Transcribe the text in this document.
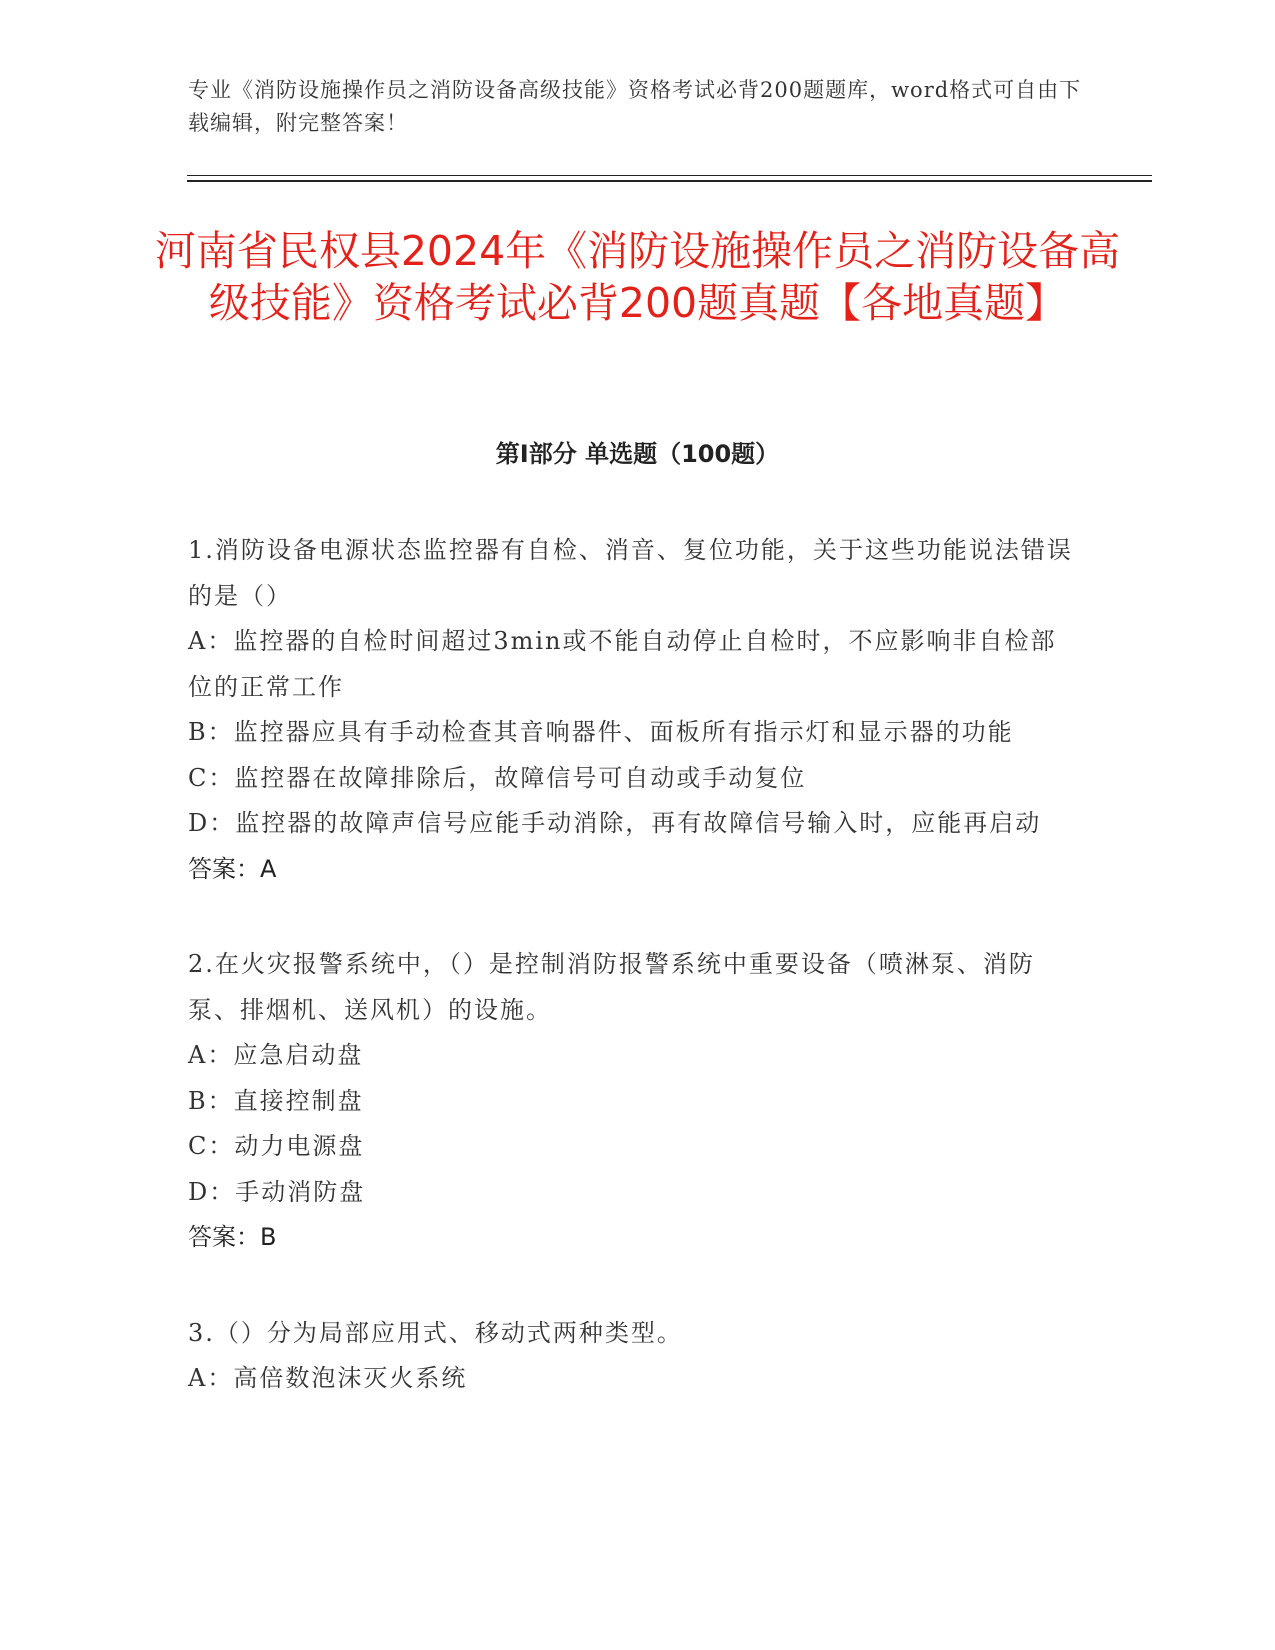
专业《消防设施操作员之消防设备高级技能》资格考试必背200题题库，word格式可自由下载编辑，附完整答案！
河南省民权县2024年《消防设施操作员之消防设备高级技能》资格考试必背200题真题【各地真题】
第I部分 单选题（100题）

1.消防设备电源状态监控器有自检、消音、复位功能，关于这些功能说法错误的是（）

A：监控器的自检时间超过3min或不能自动停止自检时，不应影响非自检部位的正常工作

B：监控器应具有手动检查其音响器件、面板所有指示灯和显示器的功能

C：监控器在故障排除后，故障信号可自动或手动复位

D：监控器的故障声信号应能手动消除，再有故障信号输入时，应能再启动

答案：A

2.在火灾报警系统中，（）是控制消防报警系统中重要设备（喷淋泵、消防泵、排烟机、送风机）的设施。

A：应急启动盘

B：直接控制盘

C：动力电源盘

D：手动消防盘

答案：B

3.（）分为局部应用式、移动式两种类型。

A：高倍数泡沫灭火系统
